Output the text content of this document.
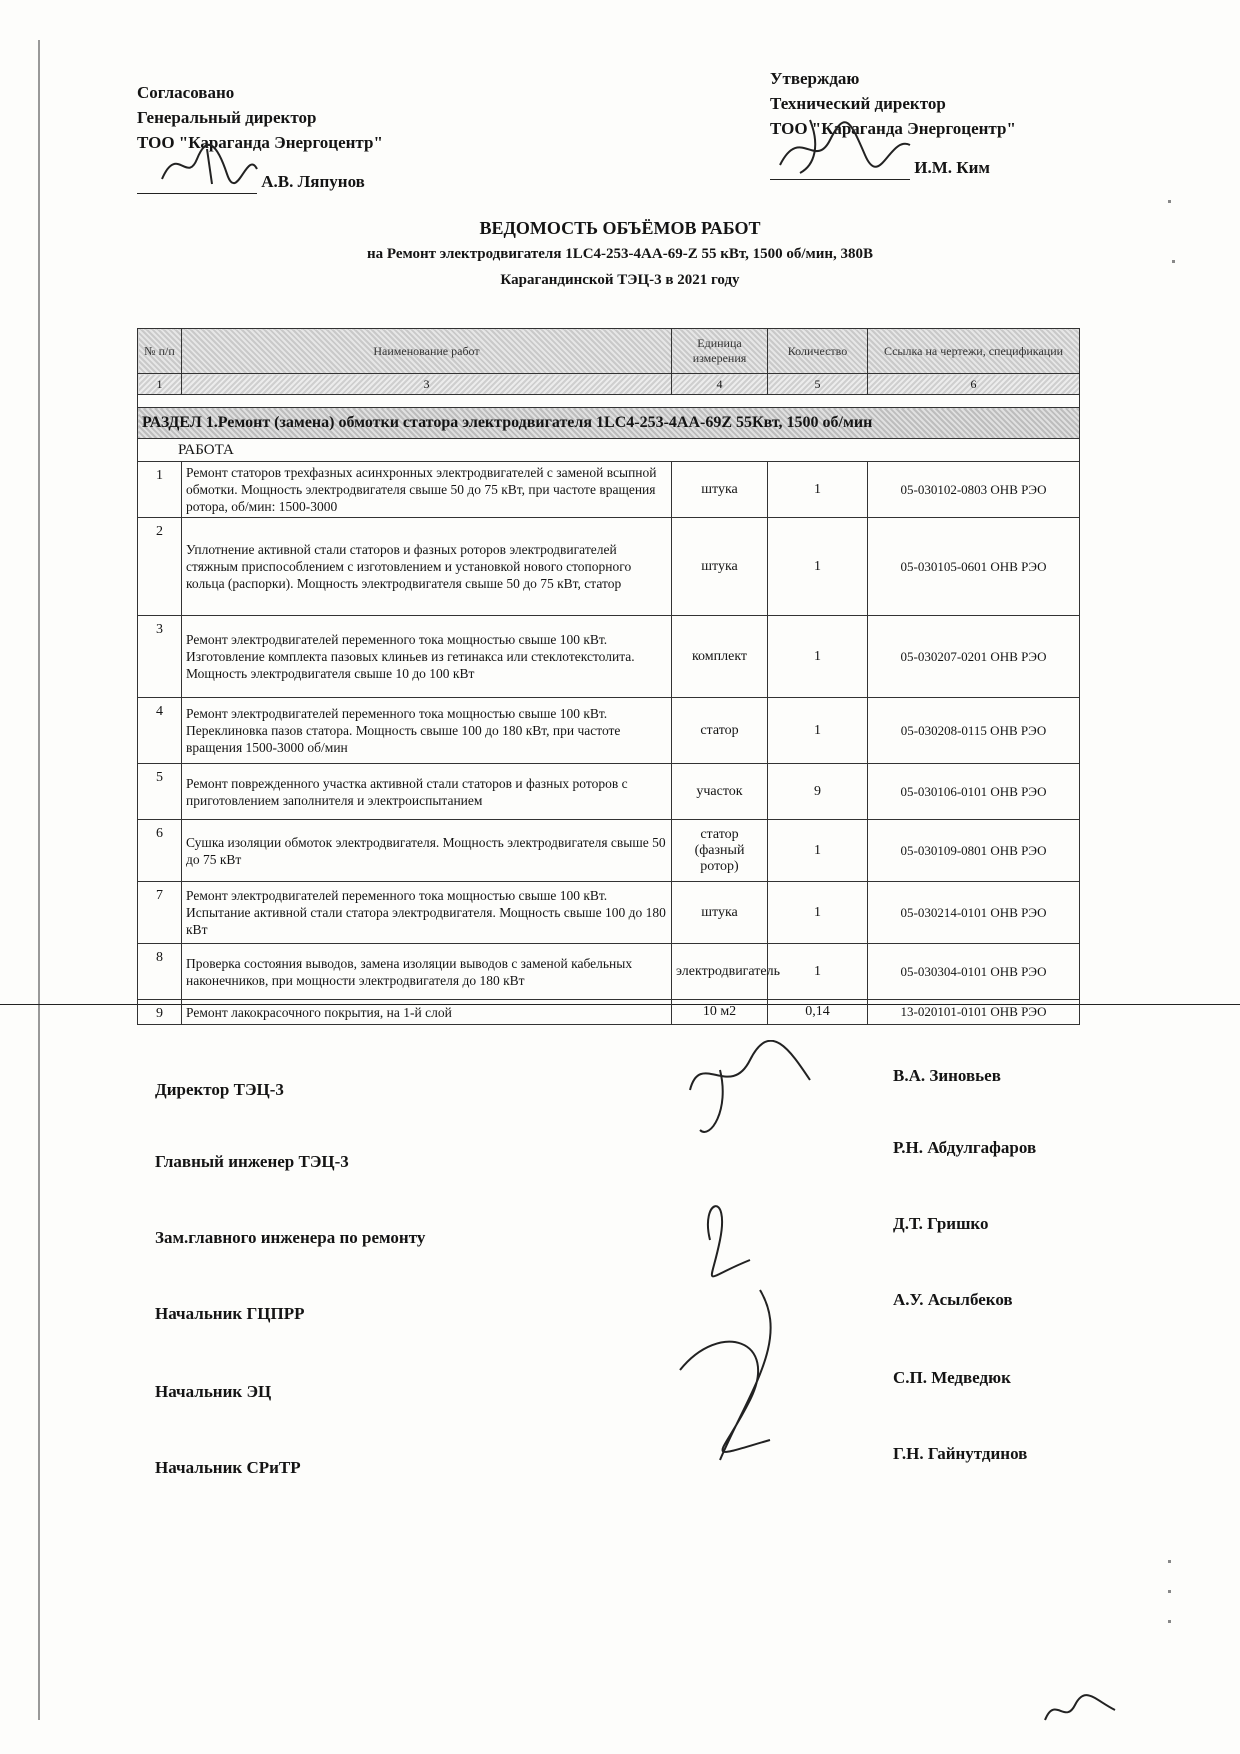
Согласовано
Генеральный директор
ТОО "Караганда Энергоцентр"
А.В. Ляпунов
Утверждаю
Технический директор
ТОО "Караганда Энергоцентр"
И.М. Ким
ВЕДОМОСТЬ ОБЪЁМОВ РАБОТ
на Ремонт электродвигателя 1LC4-253-4AA-69-Z 55 кВт, 1500 об/мин, 380В
Карагандинской ТЭЦ-3 в 2021 году
№ п/п	Наименование работ	Единица измерения	Количество	Ссылка на чертежи, спецификации
1	3	4	5	6

РАЗДЕЛ 1.Ремонт (замена) обмотки статора электродвигателя 1LC4-253-4AA-69Z 55Квт, 1500 об/мин				
РАБОТА				
1	Ремонт статоров трехфазных асинхронных электродвигателей с заменой всыпной обмотки. Мощность электродвигателя свыше 50 до 75 кВт, при частоте вращения ротора, об/мин: 1500-3000	штука	1	05-030102-0803 ОНВ РЭО
2	Уплотнение активной стали статоров и фазных роторов электродвигателей стяжным приспособлением с изготовлением и установкой нового стопорного кольца (распорки). Мощность электродвигателя свыше 50 до 75 кВт, статор	штука	1	05-030105-0601 ОНВ РЭО
3	Ремонт электродвигателей переменного тока мощностью свыше 100 кВт. Изготовление комплекта пазовых клиньев из гетинакса или стеклотекстолита. Мощность электродвигателя свыше 10 до 100 кВт	комплект	1	05-030207-0201 ОНВ РЭО
4	Ремонт электродвигателей переменного тока мощностью свыше 100 кВт. Переклиновка пазов статора. Мощность свыше 100 до 180 кВт, при частоте вращения 1500-3000 об/мин	статор	1	05-030208-0115 ОНВ РЭО
5	Ремонт поврежденного участка активной стали статоров и фазных роторов с приготовлением заполнителя и электроиспытанием	участок	9	05-030106-0101 ОНВ РЭО
6	Сушка изоляции обмоток электродвигателя. Мощность электродвигателя свыше 50 до 75 кВт	статор (фазный ротор)	1	05-030109-0801 ОНВ РЭО
7	Ремонт электродвигателей переменного тока мощностью свыше 100 кВт. Испытание активной стали статора электродвигателя. Мощность свыше 100 до 180 кВт	штука	1	05-030214-0101 ОНВ РЭО
8	Проверка состояния выводов, замена изоляции выводов с заменой кабельных наконечников, при мощности электродвигателя до 180 кВт	электродвигатель	1	05-030304-0101 ОНВ РЭО
9	Ремонт лакокрасочного покрытия, на 1-й слой	10 м2	0,14	13-020101-0101 ОНВ РЭО
Директор ТЭЦ-3
В.А. Зиновьев
Главный инженер ТЭЦ-3
Р.Н. Абдулгафаров
Зам.главного инженера по ремонту
Д.Т. Гришко
Начальник ГЦПРР
А.У. Асылбеков
Начальник ЭЦ
С.П. Медведюк
Начальник СРиТР
Г.Н. Гайнутдинов
